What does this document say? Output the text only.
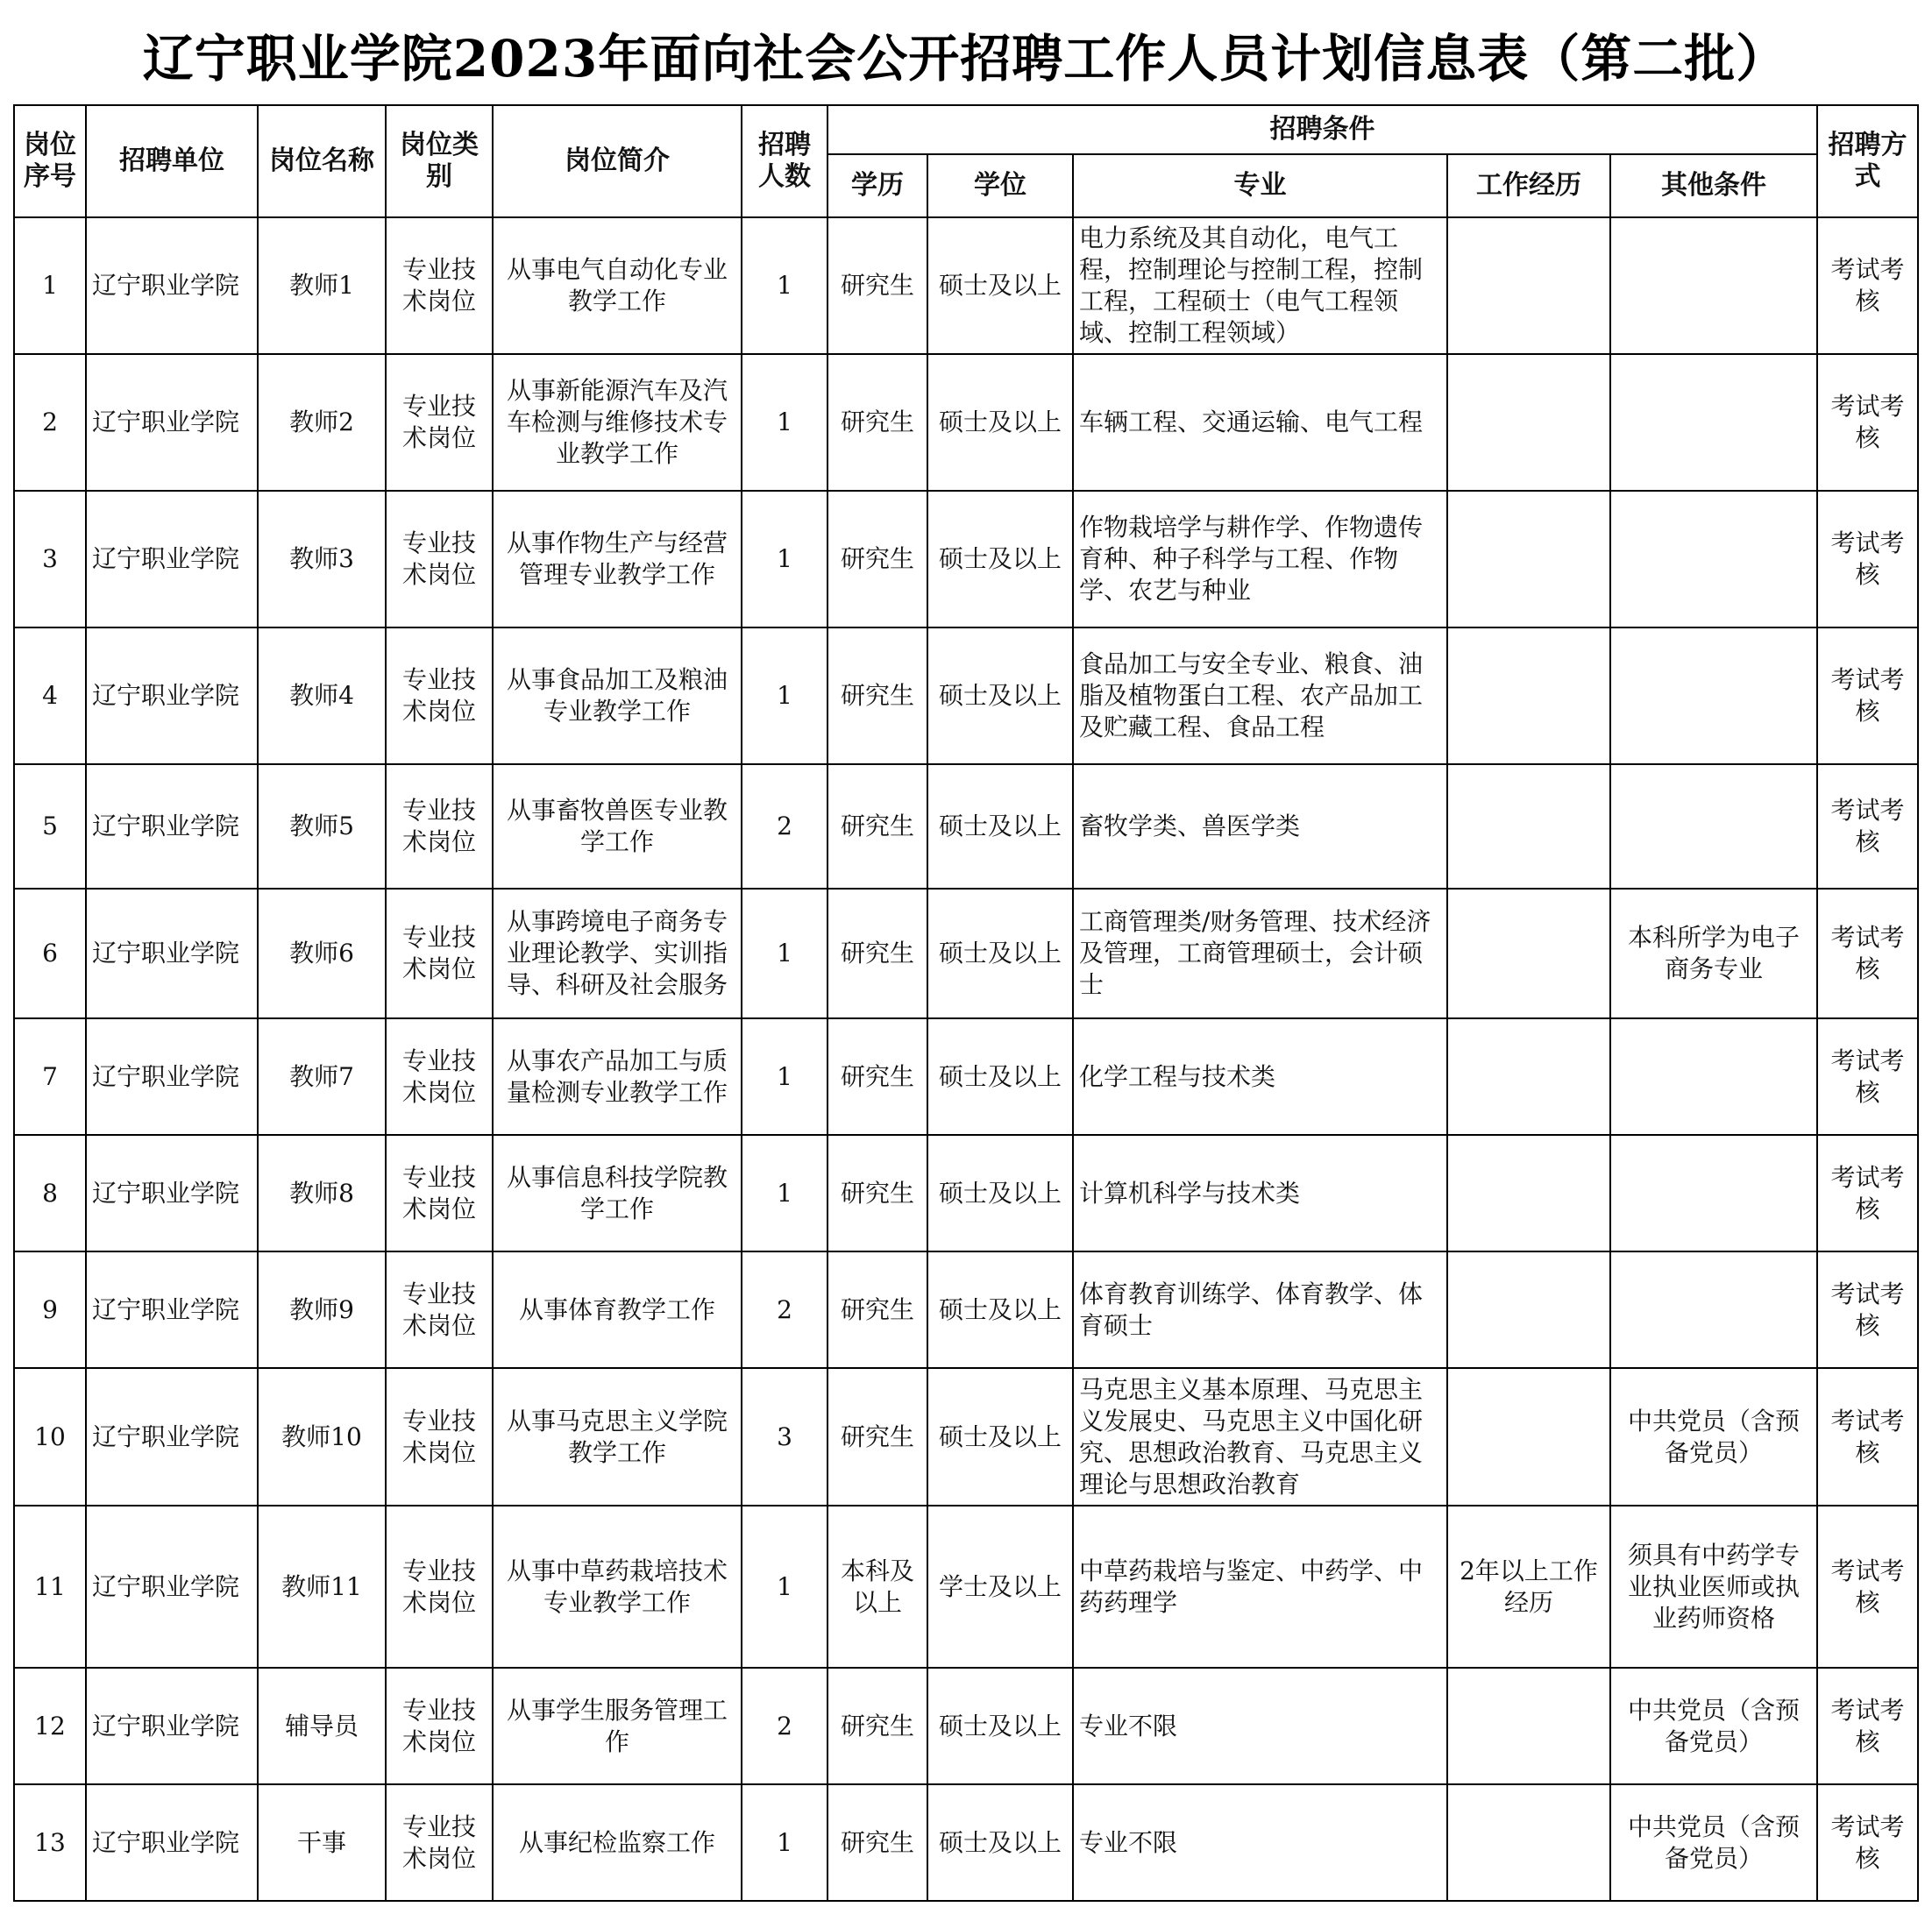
辽宁职业学院2023年面向社会公开招聘工作人员计划信息表（第二批）
岗位序号	招聘单位	岗位名称	岗位类别	岗位简介	招聘人数	招聘条件					招聘方式
						学历	学位	专业	工作经历	其他条件	
1	辽宁职业学院	教师1	专业技术岗位	从事电气自动化专业教学工作	1	研究生	硕士及以上	电力系统及其自动化，电气工程，控制理论与控制工程，控制工程，工程硕士（电气工程领域、控制工程领域）			考试考核
2	辽宁职业学院	教师2	专业技术岗位	从事新能源汽车及汽车检测与维修技术专业教学工作	1	研究生	硕士及以上	车辆工程、交通运输、电气工程			考试考核
3	辽宁职业学院	教师3	专业技术岗位	从事作物生产与经营管理专业教学工作	1	研究生	硕士及以上	作物栽培学与耕作学、作物遗传育种、种子科学与工程、作物学、农艺与种业			考试考核
4	辽宁职业学院	教师4	专业技术岗位	从事食品加工及粮油专业教学工作	1	研究生	硕士及以上	食品加工与安全专业、粮食、油脂及植物蛋白工程、农产品加工及贮藏工程、食品工程			考试考核
5	辽宁职业学院	教师5	专业技术岗位	从事畜牧兽医专业教学工作	2	研究生	硕士及以上	畜牧学类、兽医学类			考试考核
6	辽宁职业学院	教师6	专业技术岗位	从事跨境电子商务专业理论教学、实训指导、科研及社会服务	1	研究生	硕士及以上	工商管理类/财务管理、技术经济及管理，工商管理硕士，会计硕士		本科所学为电子商务专业	考试考核
7	辽宁职业学院	教师7	专业技术岗位	从事农产品加工与质量检测专业教学工作	1	研究生	硕士及以上	化学工程与技术类			考试考核
8	辽宁职业学院	教师8	专业技术岗位	从事信息科技学院教学工作	1	研究生	硕士及以上	计算机科学与技术类			考试考核
9	辽宁职业学院	教师9	专业技术岗位	从事体育教学工作	2	研究生	硕士及以上	体育教育训练学、体育教学、体育硕士			考试考核
10	辽宁职业学院	教师10	专业技术岗位	从事马克思主义学院教学工作	3	研究生	硕士及以上	马克思主义基本原理、马克思主义发展史、马克思主义中国化研究、思想政治教育、马克思主义理论与思想政治教育		中共党员（含预备党员）	考试考核
11	辽宁职业学院	教师11	专业技术岗位	从事中草药栽培技术专业教学工作	1	本科及以上	学士及以上	中草药栽培与鉴定、中药学、中药药理学	2年以上工作经历	须具有中药学专业执业医师或执业药师资格	考试考核
12	辽宁职业学院	辅导员	专业技术岗位	从事学生服务管理工作	2	研究生	硕士及以上	专业不限		中共党员（含预备党员）	考试考核
13	辽宁职业学院	干事	专业技术岗位	从事纪检监察工作	1	研究生	硕士及以上	专业不限		中共党员（含预备党员）	考试考核
